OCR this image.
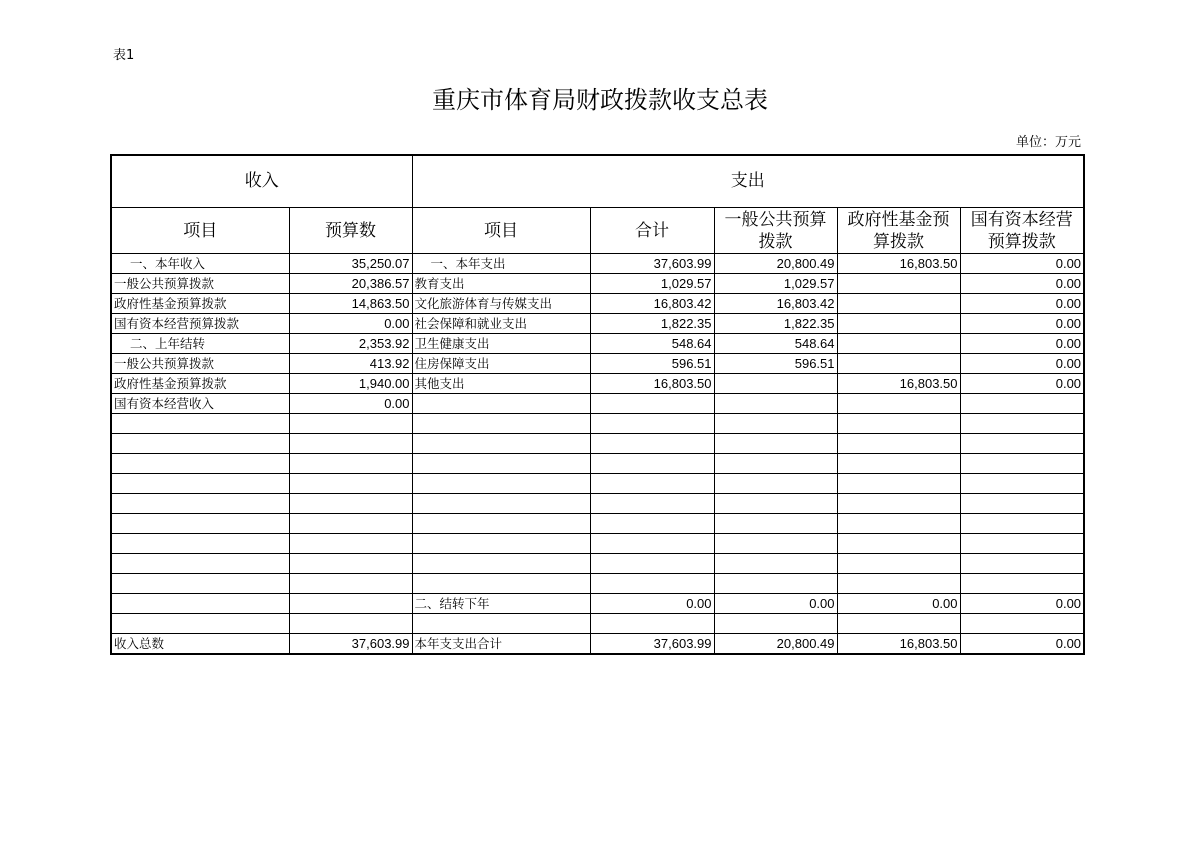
表1
重庆市体育局财政拨款收支总表
单位：万元
收入		支出				
项目	预算数	项目	合计	一般公共预算拨款	政府性基金预算拨款	国有资本经营预算拨款
一、本年收入	35,250.07	一、本年支出	37,603.99	20,800.49	16,803.50	0.00
一般公共预算拨款	20,386.57	教育支出	1,029.57	1,029.57		0.00
政府性基金预算拨款	14,863.50	文化旅游体育与传媒支出	16,803.42	16,803.42		0.00
国有资本经营预算拨款	0.00	社会保障和就业支出	1,822.35	1,822.35		0.00
二、上年结转	2,353.92	卫生健康支出	548.64	548.64		0.00
一般公共预算拨款	413.92	住房保障支出	596.51	596.51		0.00
政府性基金预算拨款	1,940.00	其他支出	16,803.50		16,803.50	0.00
国有资本经营收入	0.00					

		二、结转下年	0.00	0.00	0.00	0.00

收入总数	37,603.99	本年支支出合计	37,603.99	20,800.49	16,803.50	0.00
